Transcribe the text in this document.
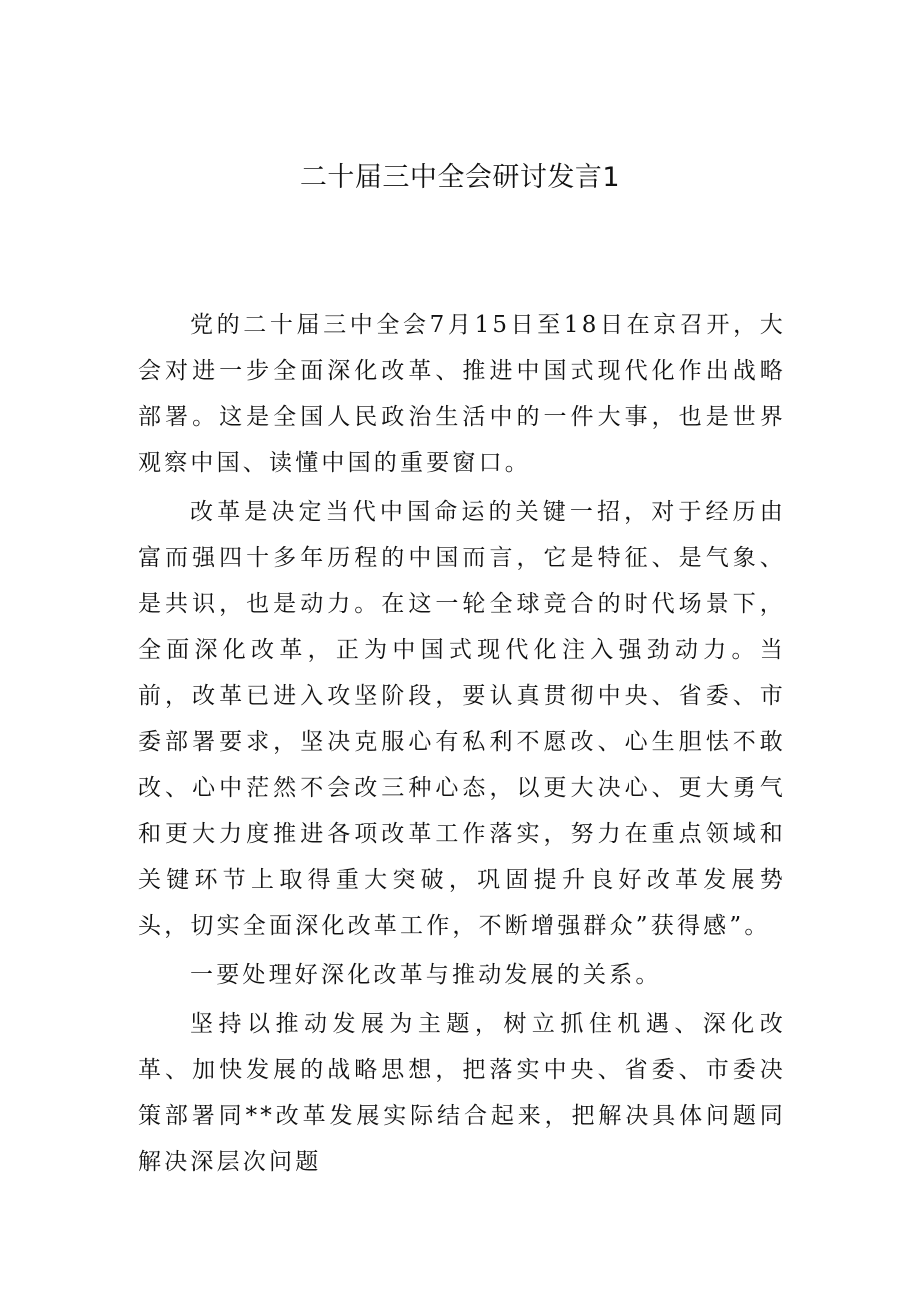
二十届三中全会研讨发言1

党的二十届三中全会7月15日至18日在京召开，大会对进一步全面深化改革、推进中国式现代化作出战略部署。这是全国人民政治生活中的一件大事，也是世界观察中国、读懂中国的重要窗口。

改革是决定当代中国命运的关键一招，对于经历由富而强四十多年历程的中国而言，它是特征、是气象、是共识，也是动力。在这一轮全球竞合的时代场景下，全面深化改革，正为中国式现代化注入强劲动力。当前，改革已进入攻坚阶段，要认真贯彻中央、省委、市委部署要求，坚决克服心有私利不愿改、心生胆怯不敢改、心中茫然不会改三种心态，以更大决心、更大勇气和更大力度推进各项改革工作落实，努力在重点领域和关键环节上取得重大突破，巩固提升良好改革发展势头，切实全面深化改革工作，不断增强群众”获得感”。

一要处理好深化改革与推动发展的关系。

坚持以推动发展为主题，树立抓住机遇、深化改革、加快发展的战略思想，把落实中央、省委、市委决策部署同**改革发展实际结合起来，把解决具体问题同解决深层次问题
